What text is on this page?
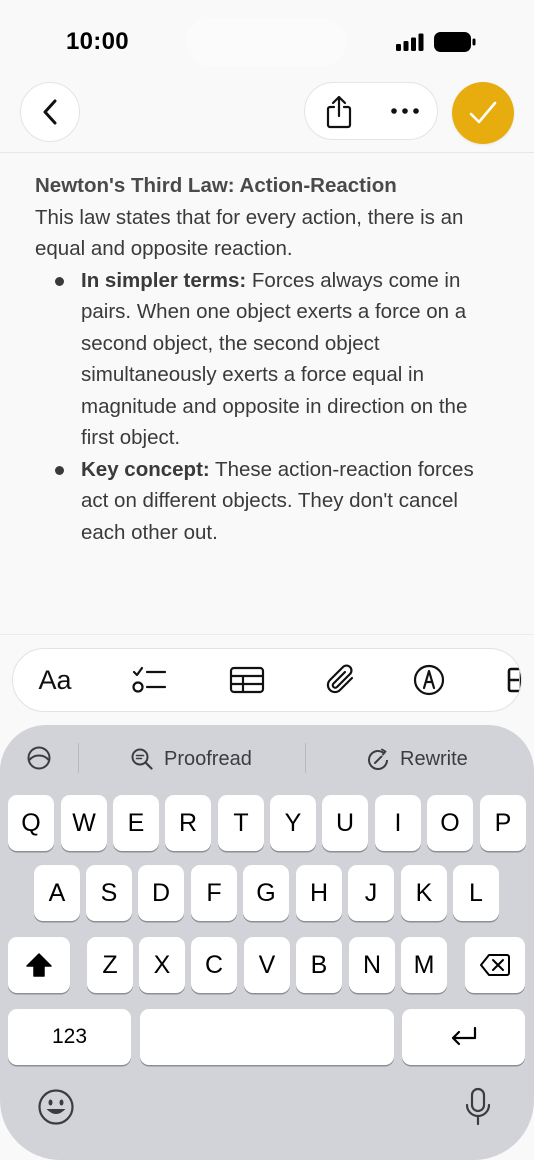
10:00
Newton's Third Law: Action-Reaction
This law states that for every action, there is an equal and opposite reaction.
In simpler terms: Forces always come in pairs. When one object exerts a force on a second object, the second object simultaneously exerts a force equal in magnitude and opposite in direction on the first object.
Key concept: These action-reaction forces act on different objects. They don't cancel each other out.
Aa
Proofread	Rewrite
Q	W	E	R	T	Y	U	I	O	P
A	S	D	F	G	H	J	K	L
Z	X	C	V	B	N	M
123
